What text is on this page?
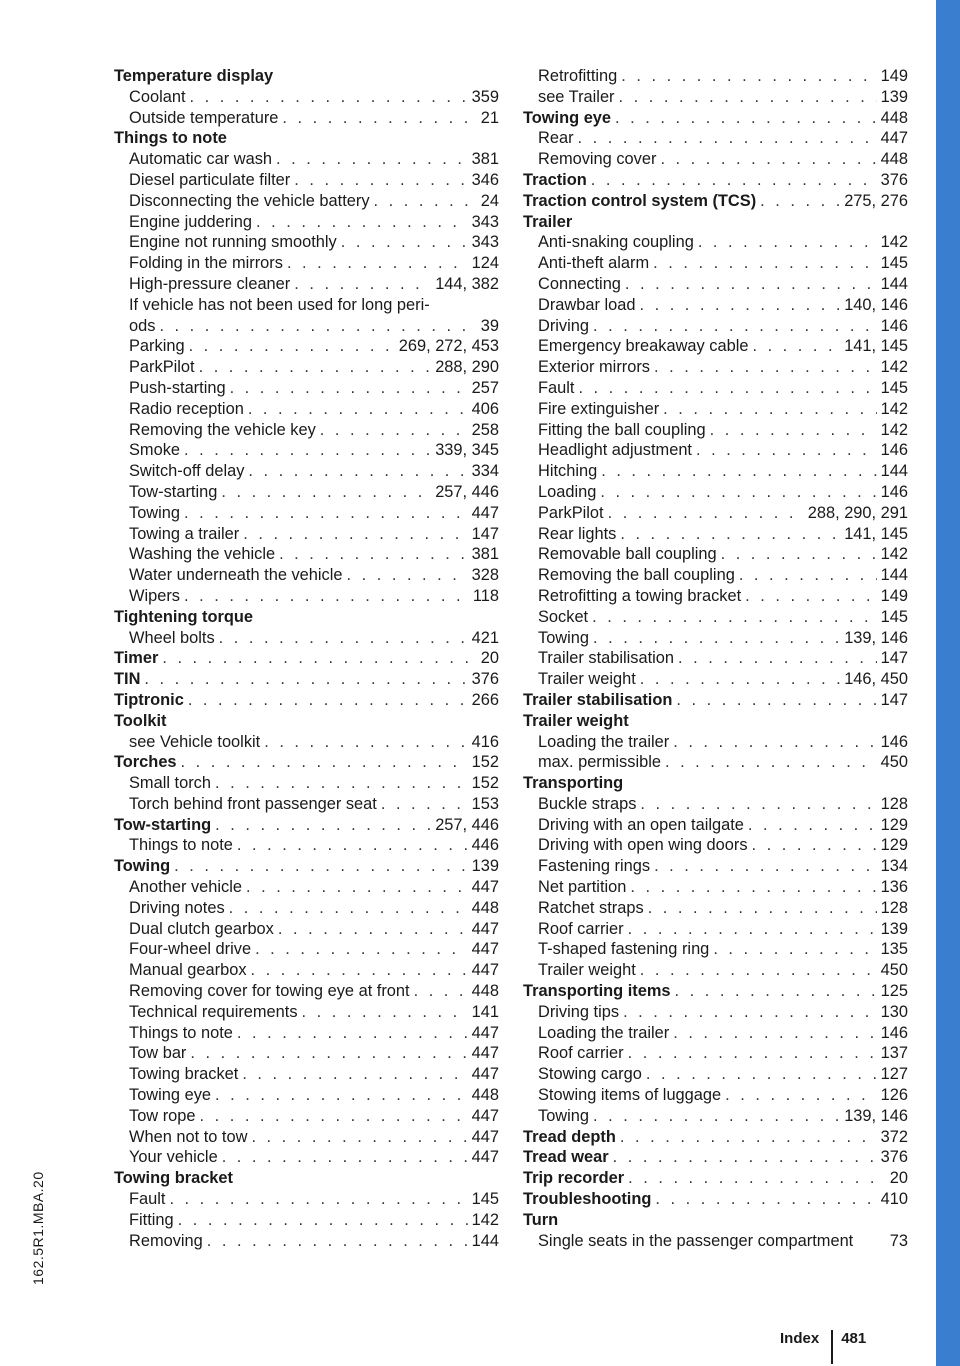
162.5R1.MBA.20
Temperature display
Coolant . . .	359
Outside temperature . . .	21
Things to note
Automatic car wash . . .	381
Diesel particulate filter . . .	346
Disconnecting the vehicle battery . . .	24
Engine juddering . . .	343
Engine not running smoothly . . .	343
Folding in the mirrors . . .	124
High-pressure cleaner . . .	144, 382
If vehicle has not been used for long peri-
ods . . .	39
Parking . . .	269, 272, 453
ParkPilot . . .	288, 290
Push-starting . . .	257
Radio reception . . .	406
Removing the vehicle key . . .	258
Smoke . . .	339, 345
Switch-off delay . . .	334
Tow-starting . . .	257, 446
Towing . . .	447
Towing a trailer . . .	147
Washing the vehicle . . .	381
Water underneath the vehicle . . .	328
Wipers . . .	118
Tightening torque
Wheel bolts . . .	421
Timer . . .	20
TIN . . .	376
Tiptronic . . .	266
Toolkit
see Vehicle toolkit . . .	416
Torches . . .	152
Small torch . . .	152
Torch behind front passenger seat . . .	153
Tow-starting . . .	257, 446
Things to note . . .	446
Towing . . .	139
Another vehicle . . .	447
Driving notes . . .	448
Dual clutch gearbox . . .	447
Four-wheel drive . . .	447
Manual gearbox . . .	447
Removing cover for towing eye at front . . .	448
Technical requirements . . .	141
Things to note . . .	447
Tow bar . . .	447
Towing bracket . . .	447
Towing eye . . .	448
Tow rope . . .	447
When not to tow . . .	447
Your vehicle . . .	447
Towing bracket
Fault . . .	145
Fitting . . .	142
Removing . . .	144
Retrofitting . . .	149
see Trailer . . .	139
Towing eye . . .	448
Rear . . .	447
Removing cover . . .	448
Traction . . .	376
Traction control system (TCS) . . .	275, 276
Trailer
Anti-snaking coupling . . .	142
Anti-theft alarm . . .	145
Connecting . . .	144
Drawbar load . . .	140, 146
Driving . . .	146
Emergency breakaway cable . . .	141, 145
Exterior mirrors . . .	142
Fault . . .	145
Fire extinguisher . . .	142
Fitting the ball coupling . . .	142
Headlight adjustment . . .	146
Hitching . . .	144
Loading . . .	146
ParkPilot . . .	288, 290, 291
Rear lights . . .	141, 145
Removable ball coupling . . .	142
Removing the ball coupling . . .	144
Retrofitting a towing bracket . . .	149
Socket . . .	145
Towing . . .	139, 146
Trailer stabilisation . . .	147
Trailer weight . . .	146, 450
Trailer stabilisation . . .	147
Trailer weight
Loading the trailer . . .	146
max. permissible . . .	450
Transporting
Buckle straps . . .	128
Driving with an open tailgate . . .	129
Driving with open wing doors . . .	129
Fastening rings . . .	134
Net partition . . .	136
Ratchet straps . . .	128
Roof carrier . . .	139
T-shaped fastening ring . . .	135
Trailer weight . . .	450
Transporting items . . .	125
Driving tips . . .	130
Loading the trailer . . .	146
Roof carrier . . .	137
Stowing cargo . . .	127
Stowing items of luggage . . .	126
Towing . . .	139, 146
Tread depth . . .	372
Tread wear . . .	376
Trip recorder . . .	20
Troubleshooting . . .	410
Turn
Single seats in the passenger compartment 73
Index 481
